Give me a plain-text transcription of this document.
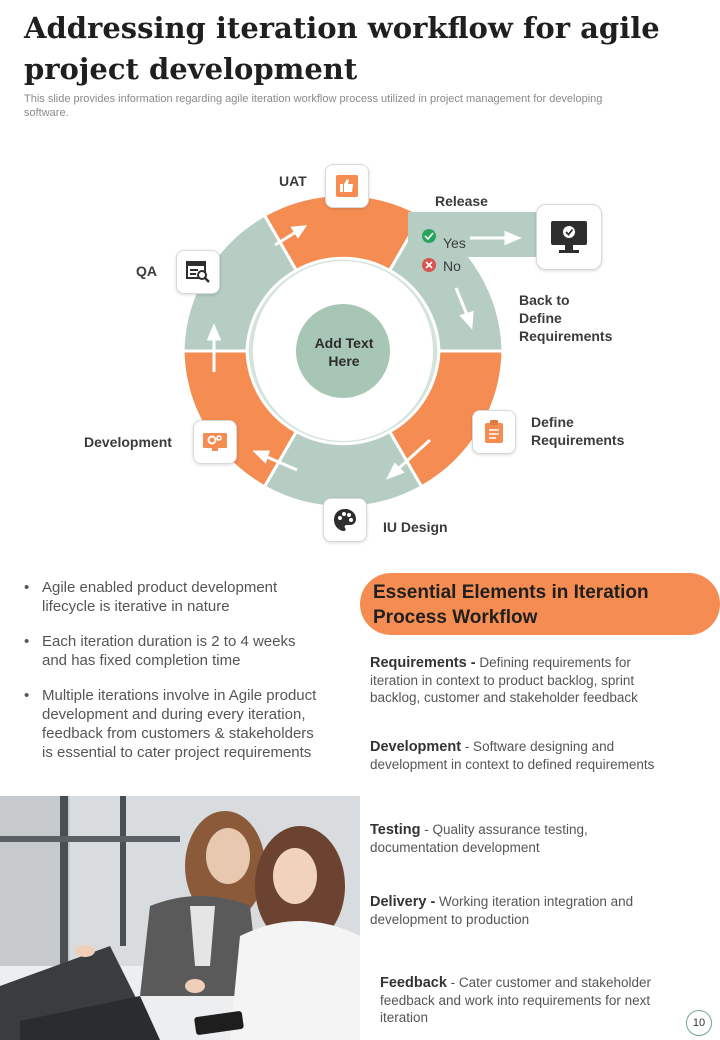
Addressing iteration workflow for agile project development

This slide provides information regarding agile iteration workflow process utilized in project management for developing software.

Add Text Here

UAT

Release

QA

Yes
No
Back to
Define
Requirements
Define
Requirements

Development

IU Design

• Agile enabled product development lifecycle is iterative in nature
• Each iteration duration is 2 to 4 weeks and has fixed completion time
• Multiple iterations involve in Agile product development and during every iteration, feedback from customers & stakeholders is essential to cater project requirements
Essential Elements in Iteration Process Workflow

Requirements - Defining requirements for iteration in context to product backlog, sprint backlog, customer and stakeholder feedback

Development - Software designing and development in context to defined requirements

Testing - Quality assurance testing, documentation development

Delivery - Working iteration integration and development to production

Feedback - Cater customer and stakeholder feedback and work into requirements for next iteration	10
